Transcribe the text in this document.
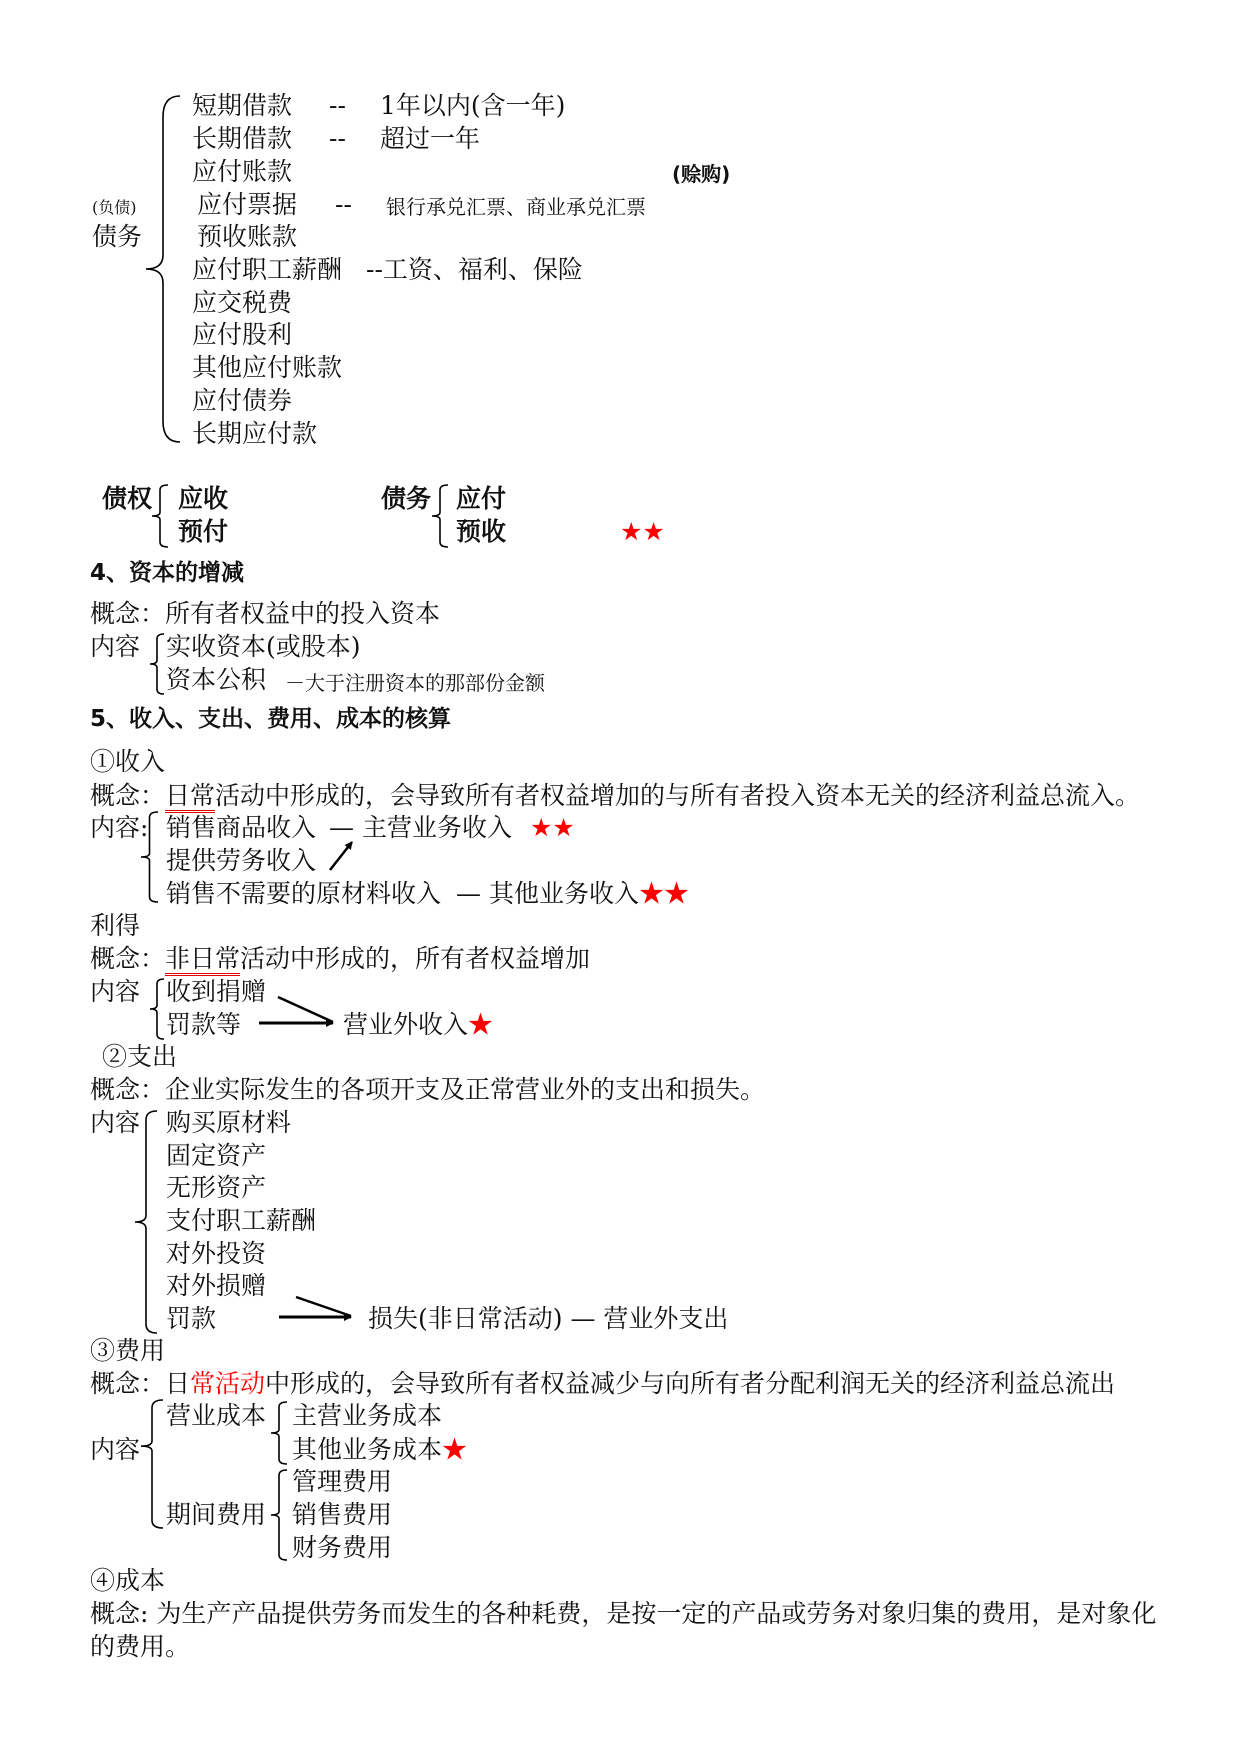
(负债)
债务
短期借款 -- 1年以内(含一年)
长期借款 -- 超过一年
应付账款	(赊购)
应付票据 -- 银行承兑汇票、商业承兑汇票
预收账款
应付职工薪酬 --工资、福利、保险
应交税费
应付股利
其他应付账款
应付债券
长期应付款
债权 应收
预付
债务 应付
预收	★★
4、资本的增减
概念：所有者权益中的投入资本
内容 实收资本(或股本)
资本公积 －大于注册资本的那部份金额
5、收入、支出、费用、成本的核算
①收入
概念：日常活动中形成的，会导致所有者权益增加的与所有者投入资本无关的经济利益总流入。
内容: 销售商品收入 — 主营业务收入 ★★
提供劳务收入
销售不需要的原材料收入 — 其他业务收入★★
利得
概念：非日常活动中形成的，所有者权益增加
内容 收到捐赠
罚款等	营业外收入★
②支出
概念：企业实际发生的各项开支及正常营业外的支出和损失。
内容 购买原材料
固定资产
无形资产
支付职工薪酬
对外投资
对外损赠
罚款	损失(非日常活动) — 营业外支出
③费用
概念：日常活动中形成的，会导致所有者权益减少与向所有者分配利润无关的经济利益总流出
内容
营业成本 主营业务成本
其他业务成本★
期间费用
管理费用
销售费用
财务费用
④成本
概念: 为生产产品提供劳务而发生的各种耗费，是按一定的产品或劳务对象归集的费用，是对象化
的费用。
